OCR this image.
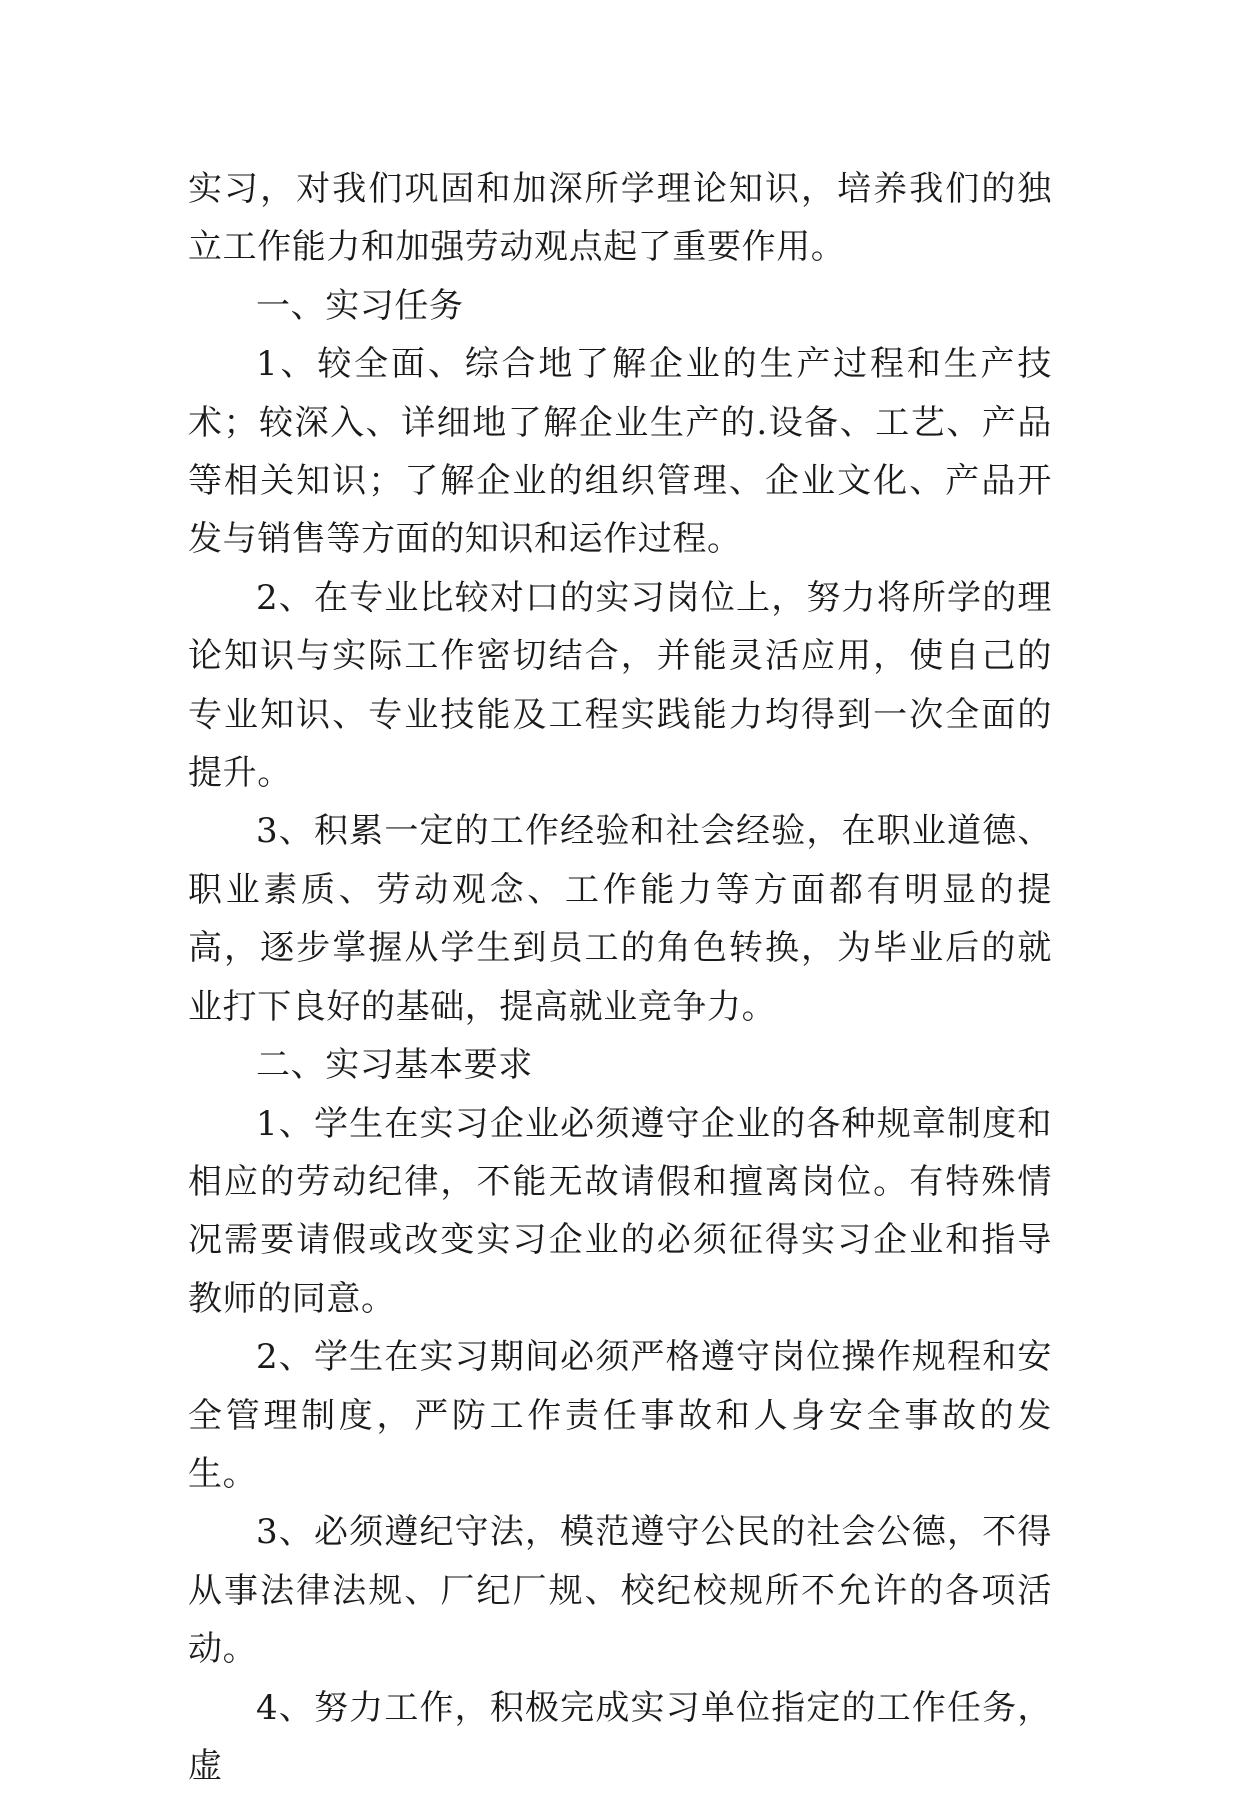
实习，对我们巩固和加深所学理论知识，培养我们的独立工作能力和加强劳动观点起了重要作用。

一、实习任务

1、较全面、综合地了解企业的生产过程和生产技术；较深入、详细地了解企业生产的.设备、工艺、产品等相关知识；了解企业的组织管理、企业文化、产品开发与销售等方面的知识和运作过程。

2、在专业比较对口的实习岗位上，努力将所学的理论知识与实际工作密切结合，并能灵活应用，使自己的专业知识、专业技能及工程实践能力均得到一次全面的提升。

3、积累一定的工作经验和社会经验，在职业道德、职业素质、劳动观念、工作能力等方面都有明显的提高，逐步掌握从学生到员工的角色转换，为毕业后的就业打下良好的基础，提高就业竞争力。

二、实习基本要求

1、学生在实习企业必须遵守企业的各种规章制度和相应的劳动纪律，不能无故请假和擅离岗位。有特殊情况需要请假或改变实习企业的必须征得实习企业和指导教师的同意。

2、学生在实习期间必须严格遵守岗位操作规程和安全管理制度，严防工作责任事故和人身安全事故的发生。

3、必须遵纪守法，模范遵守公民的社会公德，不得从事法律法规、厂纪厂规、校纪校规所不允许的各项活动。

4、努力工作，积极完成实习单位指定的工作任务，虚
